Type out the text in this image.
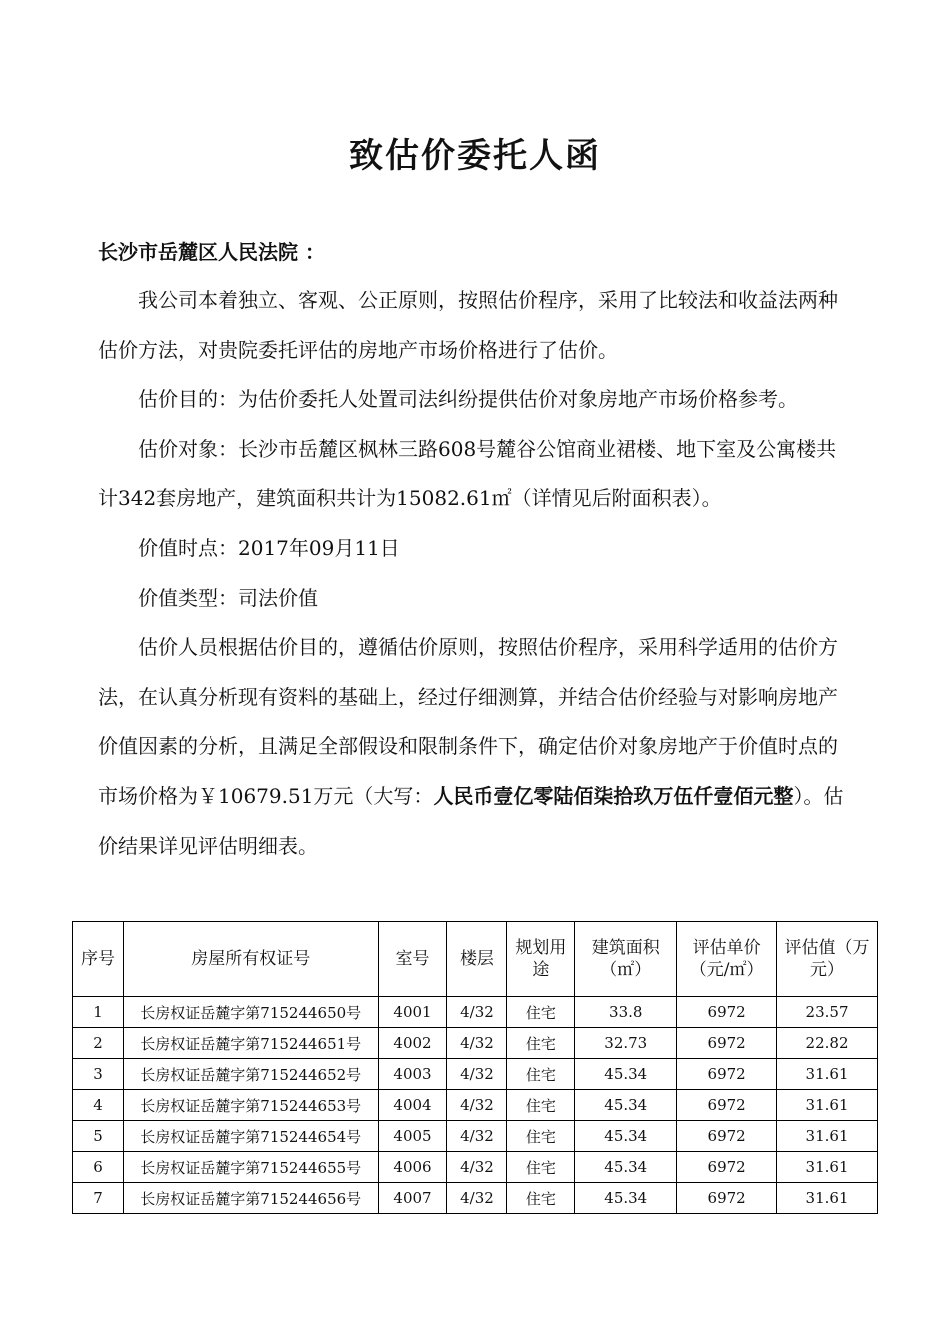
致估价委托人函
长沙市岳麓区人民法院 ：

我公司本着独立、客观、公正原则，按照估价程序，采用了比较法和收益法两种估价方法，对贵院委托评估的房地产市场价格进行了估价。

估价目的：为估价委托人处置司法纠纷提供估价对象房地产市场价格参考。

估价对象：长沙市岳麓区枫林三路608号麓谷公馆商业裙楼、地下室及公寓楼共计342套房地产，建筑面积共计为15082.61㎡（详情见后附面积表）。

价值时点：2017年09月11日

价值类型：司法价值

估价人员根据估价目的，遵循估价原则，按照估价程序，采用科学适用的估价方法，在认真分析现有资料的基础上，经过仔细测算，并结合估价经验与对影响房地产价值因素的分析，且满足全部假设和限制条件下，确定估价对象房地产于价值时点的市场价格为￥10679.51万元（大写：人民币壹亿零陆佰柒拾玖万伍仟壹佰元整）。估价结果详见评估明细表。

序号	房屋所有权证号	室号	楼层	规划用途	建筑面积（㎡）	评估单价（元/㎡）	评估值（万元）
1	长房权证岳麓字第715244650号	4001	4/32	住宅	33.8	6972	23.57
2	长房权证岳麓字第715244651号	4002	4/32	住宅	32.73	6972	22.82
3	长房权证岳麓字第715244652号	4003	4/32	住宅	45.34	6972	31.61
4	长房权证岳麓字第715244653号	4004	4/32	住宅	45.34	6972	31.61
5	长房权证岳麓字第715244654号	4005	4/32	住宅	45.34	6972	31.61
6	长房权证岳麓字第715244655号	4006	4/32	住宅	45.34	6972	31.61
7	长房权证岳麓字第715244656号	4007	4/32	住宅	45.34	6972	31.61
